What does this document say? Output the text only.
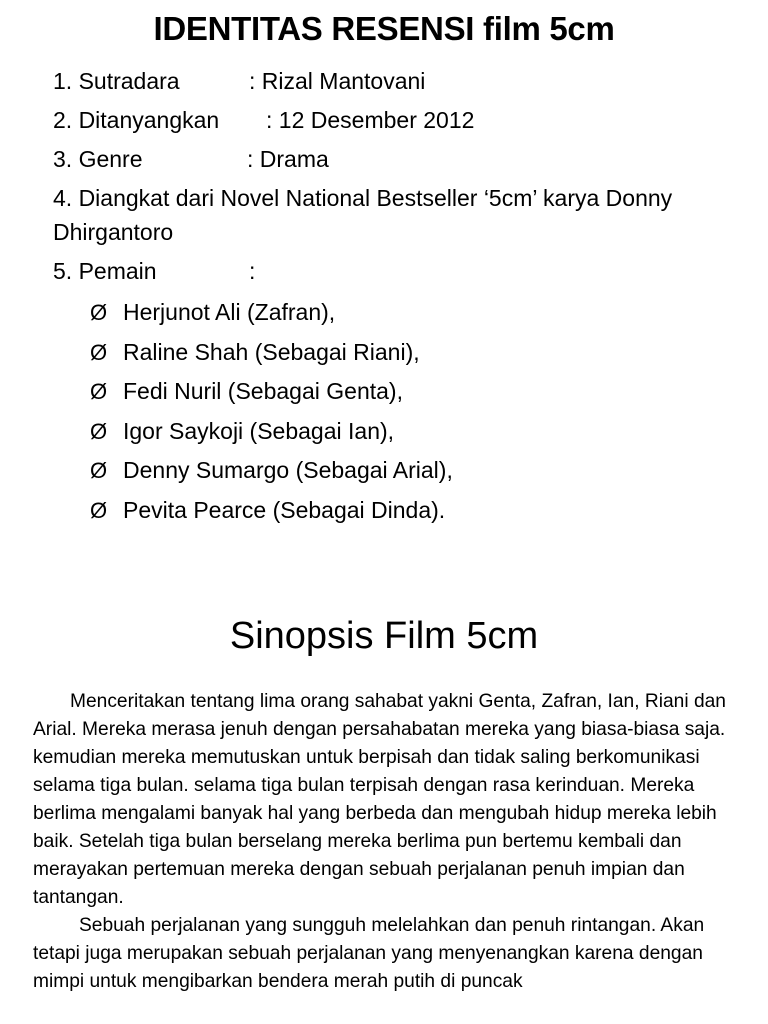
IDENTITAS RESENSI film 5cm
1. Sutradara	: Rizal Mantovani
2. Ditanyangkan : 12 Desember 2012
3. Genre	: Drama
4. Diangkat dari Novel National Bestseller ‘5cm’ karya Donny Dhirgantoro
5. Pemain	:
Ø Herjunot Ali (Zafran),
Ø Raline Shah (Sebagai Riani),
Ø Fedi Nuril (Sebagai Genta),
Ø Igor Saykoji (Sebagai Ian),
Ø Denny Sumargo (Sebagai Arial),
Ø Pevita Pearce (Sebagai Dinda).
Sinopsis Film 5cm

Menceritakan tentang lima orang sahabat yakni Genta, Zafran, Ian, Riani dan Arial. Mereka merasa jenuh dengan persahabatan mereka yang biasa-biasa saja. kemudian mereka memutuskan untuk berpisah dan tidak saling berkomunikasi selama tiga bulan. selama tiga bulan terpisah dengan rasa kerinduan. Mereka berlima mengalami banyak hal yang berbeda dan mengubah hidup mereka lebih baik. Setelah tiga bulan berselang mereka berlima pun bertemu kembali dan merayakan pertemuan mereka dengan sebuah perjalanan penuh impian dan tantangan.

Sebuah perjalanan yang sungguh melelahkan dan penuh rintangan. Akan tetapi juga merupakan sebuah perjalanan yang menyenangkan karena dengan mimpi untuk mengibarkan bendera merah putih di puncak
